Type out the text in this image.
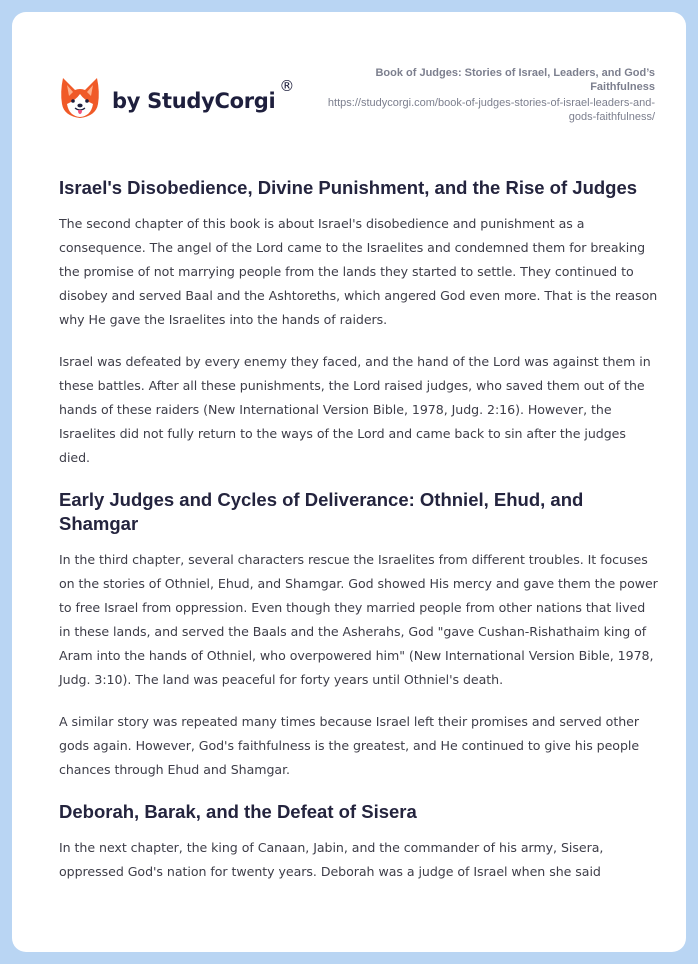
by StudyCorgi
®
Book of Judges: Stories of Israel, Leaders, and God’s Faithfulness
https://studycorgi.com/book-of-judges-stories-of-israel-leaders-and-gods-faithfulness/
Israel's Disobedience, Divine Punishment, and the Rise of Judges

The second chapter of this book is about Israel's disobedience and punishment as a consequence. The angel of the Lord came to the Israelites and condemned them for breaking the promise of not marrying people from the lands they started to settle. They continued to disobey and served Baal and the Ashtoreths, which angered God even more. That is the reason why He gave the Israelites into the hands of raiders.

Israel was defeated by every enemy they faced, and the hand of the Lord was against them in these battles. After all these punishments, the Lord raised judges, who saved them out of the hands of these raiders (New International Version Bible, 1978, Judg. 2:16). However, the Israelites did not fully return to the ways of the Lord and came back to sin after the judges died.

Early Judges and Cycles of Deliverance: Othniel, Ehud, and Shamgar

In the third chapter, several characters rescue the Israelites from different troubles. It focuses on the stories of Othniel, Ehud, and Shamgar. God showed His mercy and gave them the power to free Israel from oppression. Even though they married people from other nations that lived in these lands, and served the Baals and the Asherahs, God "gave Cushan-Rishathaim king of Aram into the hands of Othniel, who overpowered him" (New International Version Bible, 1978, Judg. 3:10). The land was peaceful for forty years until Othniel's death.

A similar story was repeated many times because Israel left their promises and served other gods again. However, God's faithfulness is the greatest, and He continued to give his people chances through Ehud and Shamgar.

Deborah, Barak, and the Defeat of Sisera

In the next chapter, the king of Canaan, Jabin, and the commander of his army, Sisera, oppressed God's nation for twenty years. Deborah was a judge of Israel when she said
